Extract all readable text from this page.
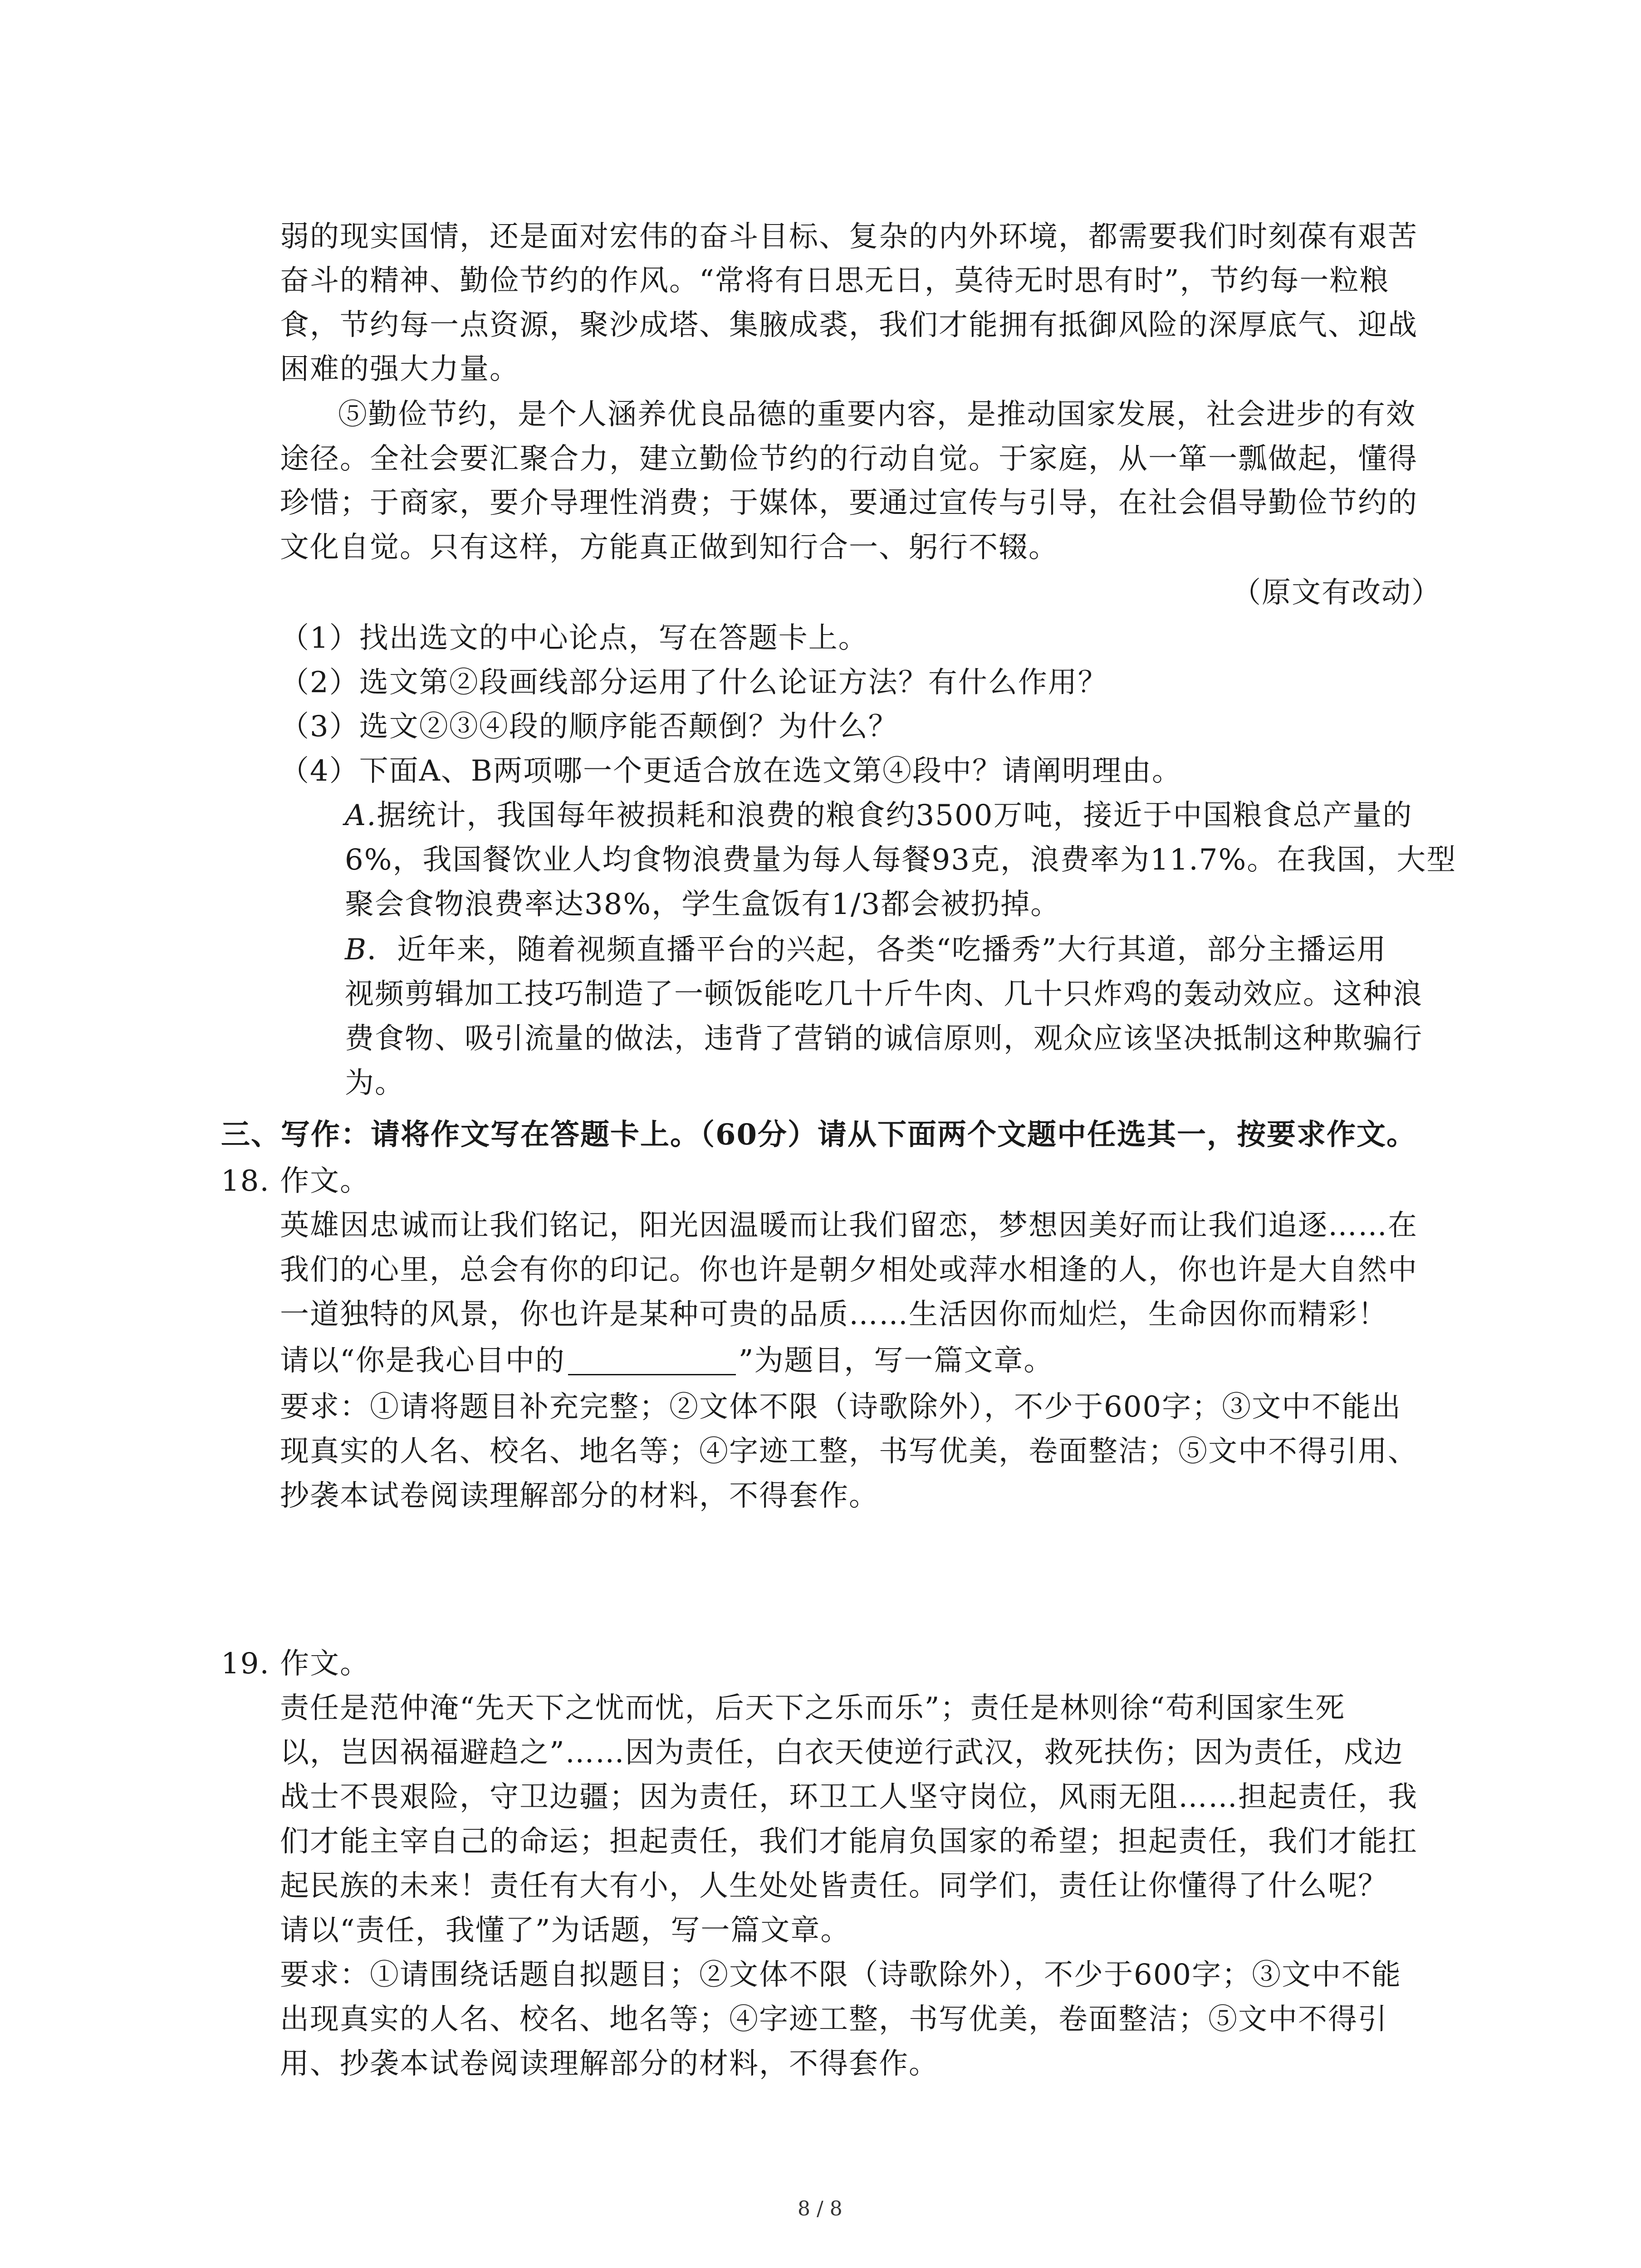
弱的现实国情，还是面对宏伟的奋斗目标、复杂的内外环境，都需要我们时刻葆有艰苦
奋斗的精神、勤俭节约的作风。“常将有日思无日，莫待无时思有时”，节约每一粒粮
食，节约每一点资源，聚沙成塔、集腋成裘，我们才能拥有抵御风险的深厚底气、迎战
困难的强大力量。
⑤勤俭节约，是个人涵养优良品德的重要内容，是推动国家发展，社会进步的有效
途径。全社会要汇聚合力，建立勤俭节约的行动自觉。于家庭，从一箪一瓢做起，懂得
珍惜；于商家，要介导理性消费；于媒体，要通过宣传与引导，在社会倡导勤俭节约的
文化自觉。只有这样，方能真正做到知行合一、躬行不辍。
（原文有改动）
（1）找出选文的中心论点，写在答题卡上。
（2）选文第②段画线部分运用了什么论证方法？有什么作用？
（3）选文②③④段的顺序能否颠倒？为什么？
（4）下面A、B两项哪一个更适合放在选文第④段中？请阐明理由。
A.据统计，我国每年被损耗和浪费的粮食约3500万吨，接近于中国粮食总产量的
6%，我国餐饮业人均食物浪费量为每人每餐93克，浪费率为11.7%。在我国，大型
聚会食物浪费率达38%，学生盒饭有1/3都会被扔掉。
B．近年来，随着视频直播平台的兴起，各类“吃播秀”大行其道，部分主播运用
视频剪辑加工技巧制造了一顿饭能吃几十斤牛肉、几十只炸鸡的轰动效应。这种浪
费食物、吸引流量的做法，违背了营销的诚信原则，观众应该坚决抵制这种欺骗行
为。
三、写作：请将作文写在答题卡上。（60分）请从下面两个文题中任选其一，按要求作文。
18. 作文。
英雄因忠诚而让我们铭记，阳光因温暖而让我们留恋，梦想因美好而让我们追逐……在
我们的心里，总会有你的印记。你也许是朝夕相处或萍水相逢的人，你也许是大自然中
一道独特的风景，你也许是某种可贵的品质……生活因你而灿烂，生命因你而精彩！
请以“你是我心目中的	”为题目，写一篇文章。
要求：①请将题目补充完整；②文体不限（诗歌除外），不少于600字；③文中不能出
现真实的人名、校名、地名等；④字迹工整，书写优美，卷面整洁；⑤文中不得引用、
抄袭本试卷阅读理解部分的材料，不得套作。
19. 作文。
责任是范仲淹“先天下之忧而忧，后天下之乐而乐”；责任是林则徐“苟利国家生死
以，岂因祸福避趋之”……因为责任，白衣天使逆行武汉，救死扶伤；因为责任，戍边
战士不畏艰险，守卫边疆；因为责任，环卫工人坚守岗位，风雨无阻……担起责任，我
们才能主宰自己的命运；担起责任，我们才能肩负国家的希望；担起责任，我们才能扛
起民族的未来！责任有大有小，人生处处皆责任。同学们，责任让你懂得了什么呢？
请以“责任，我懂了”为话题，写一篇文章。
要求：①请围绕话题自拟题目；②文体不限（诗歌除外），不少于600字；③文中不能
出现真实的人名、校名、地名等；④字迹工整，书写优美，卷面整洁；⑤文中不得引
用、抄袭本试卷阅读理解部分的材料，不得套作。
8 / 8
